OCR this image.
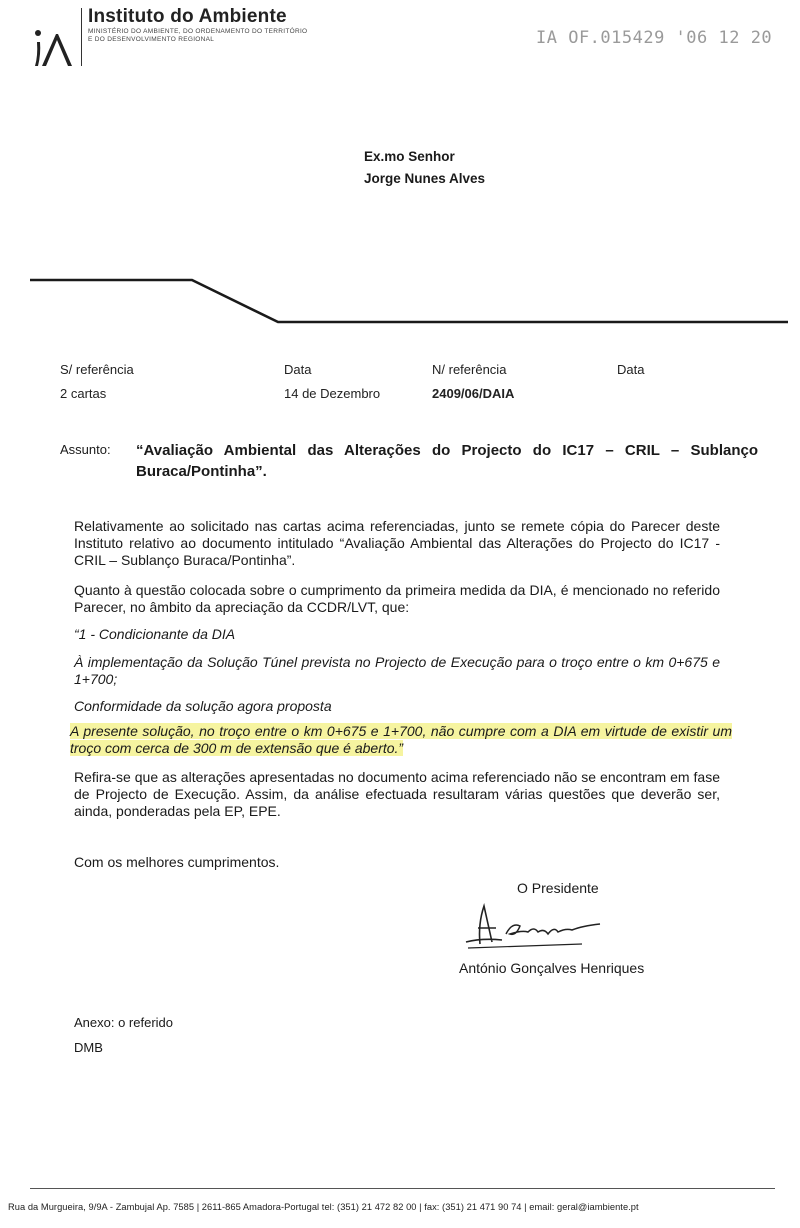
Instituto do Ambiente
MINISTÉRIO DO AMBIENTE, DO ORDENAMENTO DO TERRITÓRIO
E DO DESENVOLVIMENTO REGIONAL	IA OF.015429 '06 12 20
Ex.mo Senhor
Jorge Nunes Alves
S/ referência
2 cartas
Data
14 de Dezembro
N/ referência
2409/06/DAIA
Data
Assunto: “Avaliação Ambiental das Alterações do Projecto do IC17 – CRIL – Sublanço Buraca/Pontinha”.
Relativamente ao solicitado nas cartas acima referenciadas, junto se remete cópia do Parecer deste Instituto relativo ao documento intitulado “Avaliação Ambiental das Alterações do Projecto do IC17 - CRIL – Sublanço Buraca/Pontinha”.
Quanto à questão colocada sobre o cumprimento da primeira medida da DIA, é mencionado no referido Parecer, no âmbito da apreciação da CCDR/LVT, que:
“1 - Condicionante da DIA
À implementação da Solução Túnel prevista no Projecto de Execução para o troço entre o km 0+675 e 1+700;
Conformidade da solução agora proposta
A presente solução, no troço entre o km 0+675 e 1+700, não cumpre com a DIA em virtude de existir um troço com cerca de 300 m de extensão que é aberto.”
Refira-se que as alterações apresentadas no documento acima referenciado não se encontram em fase de Projecto de Execução. Assim, da análise efectuada resultaram várias questões que deverão ser, ainda, ponderadas pela EP, EPE.
Com os melhores cumprimentos.
O Presidente
António Gonçalves Henriques
Anexo: o referido
DMB
Rua da Murgueira, 9/9A - Zambujal Ap. 7585 | 2611-865 Amadora-Portugal tel: (351) 21 472 82 00 | fax: (351) 21 471 90 74 | email: geral@iambiente.pt
